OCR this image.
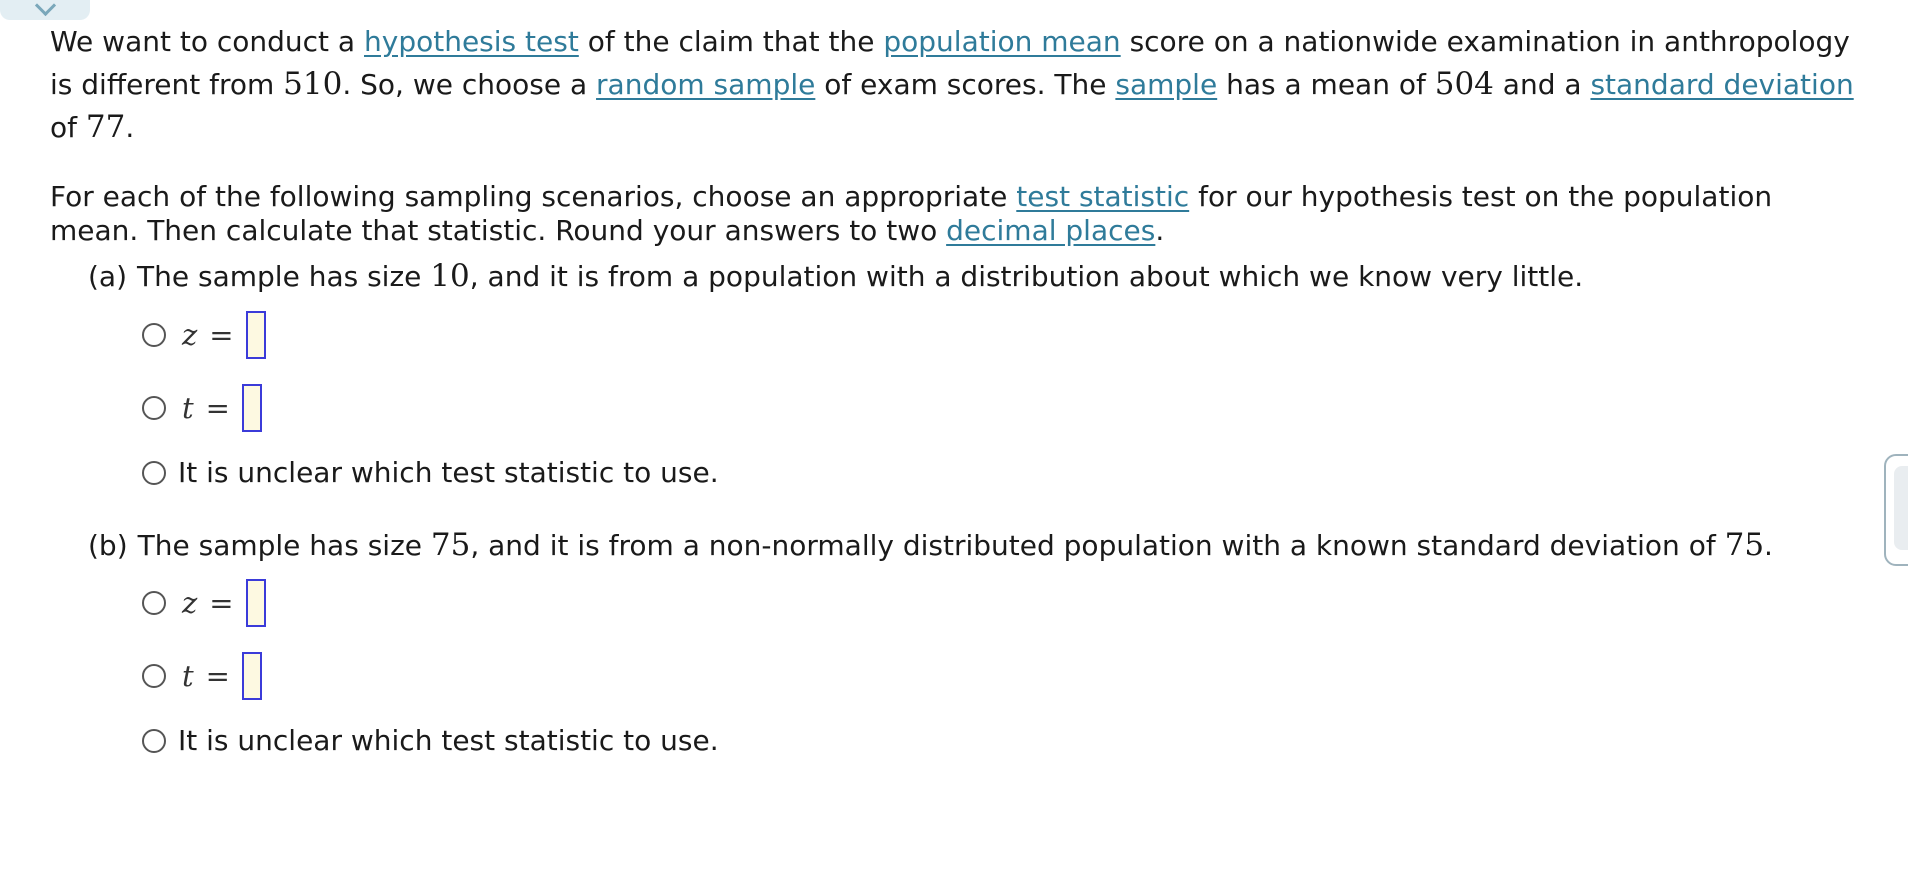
We want to conduct a hypothesis test of the claim that the population mean score on a nationwide examination in anthropology is different from 510. So, we choose a random sample of exam scores. The sample has a mean of 504 and a standard deviation of 77.
For each of the following sampling scenarios, choose an appropriate test statistic for our hypothesis test on the population mean. Then calculate that statistic. Round your answers to two decimal places.
(a) The sample has size 10, and it is from a population with a distribution about which we know very little.
z =
t =
It is unclear which test statistic to use.
(b) The sample has size 75, and it is from a non-normally distributed population with a known standard deviation of 75.
z =
t =
It is unclear which test statistic to use.
